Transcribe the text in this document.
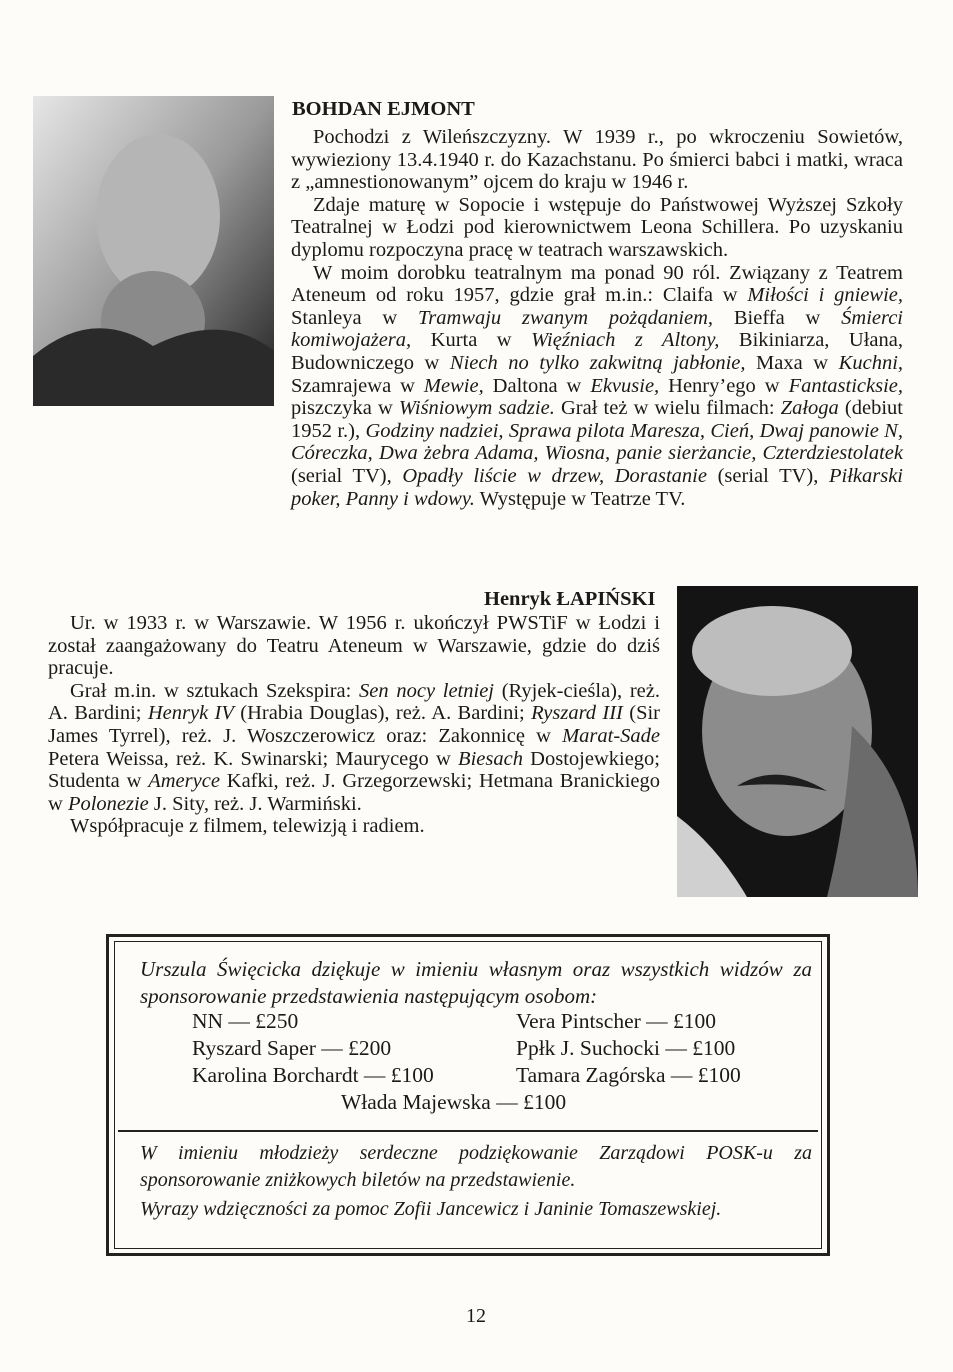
BOHDAN EJMONT

Pochodzi z Wileńszczyzny. W 1939 r., po wkroczeniu Sowietów, wywieziony 13.4.1940 r. do Kazachstanu. Po śmierci babci i matki, wraca z „amnestionowanym” ojcem do kraju w 1946 r.

Zdaje maturę w Sopocie i wstępuje do Państwowej Wyższej Szkoły Teatralnej w Łodzi pod kierownictwem Leona Schillera. Po uzyskaniu dyplomu rozpoczyna pracę w teatrach warszawskich.

W moim dorobku teatralnym ma ponad 90 ról. Związany z Teatrem Ateneum od roku 1957, gdzie grał m.in.: Claifa w Miłości i gniewie, Stanleya w Tramwaju zwanym pożądaniem, Bieffa w Śmierci komiwojażera, Kurta w Więźniach z Altony, Bikiniarza, Ułana, Budowniczego w Niech no tylko zakwitną jabłonie, Maxa w Kuchni, Szamrajewa w Mewie, Daltona w Ekvusie, Henry’ego w Fantasticksie, piszczyka w Wiśniowym sadzie. Grał też w wielu filmach: Załoga (debiut 1952 r.), Godziny nadziei, Sprawa pilota Maresza, Cień, Dwaj panowie N, Córeczka, Dwa żebra Adama, Wiosna, panie sierżancie, Czterdziestolatek (serial TV), Opadły liście w drzew, Dorastanie (serial TV), Piłkarski poker, Panny i wdowy. Występuje w Teatrze TV.

Henryk ŁAPIŃSKI

Ur. w 1933 r. w Warszawie. W 1956 r. ukończył PWSTiF w Łodzi i został zaangażowany do Teatru Ateneum w Warszawie, gdzie do dziś pracuje.

Grał m.in. w sztukach Szekspira: Sen nocy letniej (Ryjek-cieśla), reż. A. Bardini; Henryk IV (Hrabia Douglas), reż. A. Bardini; Ryszard III (Sir James Tyrrel), reż. J. Woszczerowicz oraz: Zakonnicę w Marat-Sade Petera Weissa, reż. K. Swinarski; Maurycego w Biesach Dostojewkiego; Studenta w Ameryce Kafki, reż. J. Grzegorzewski; Hetmana Branickiego w Polonezie J. Sity, reż. J. Warmiński.

Współpracuje z filmem, telewizją i radiem.

Urszula Święcicka dziękuje w imieniu własnym oraz wszystkich widzów za sponsorowanie przedstawienia następującym osobom:

NN — £250

Ryszard Saper — £200

Karolina Borchardt — £100

Vera Pintscher — £100

Ppłk J. Suchocki — £100

Tamara Zagórska — £100

Włada Majewska — £100

W imieniu młodzieży serdeczne podziękowanie Zarządowi POSK-u za sponsorowanie zniżkowych biletów na przedstawienie.

Wyrazy wdzięczności za pomoc Zofii Jancewicz i Janinie Tomaszewskiej.

12
